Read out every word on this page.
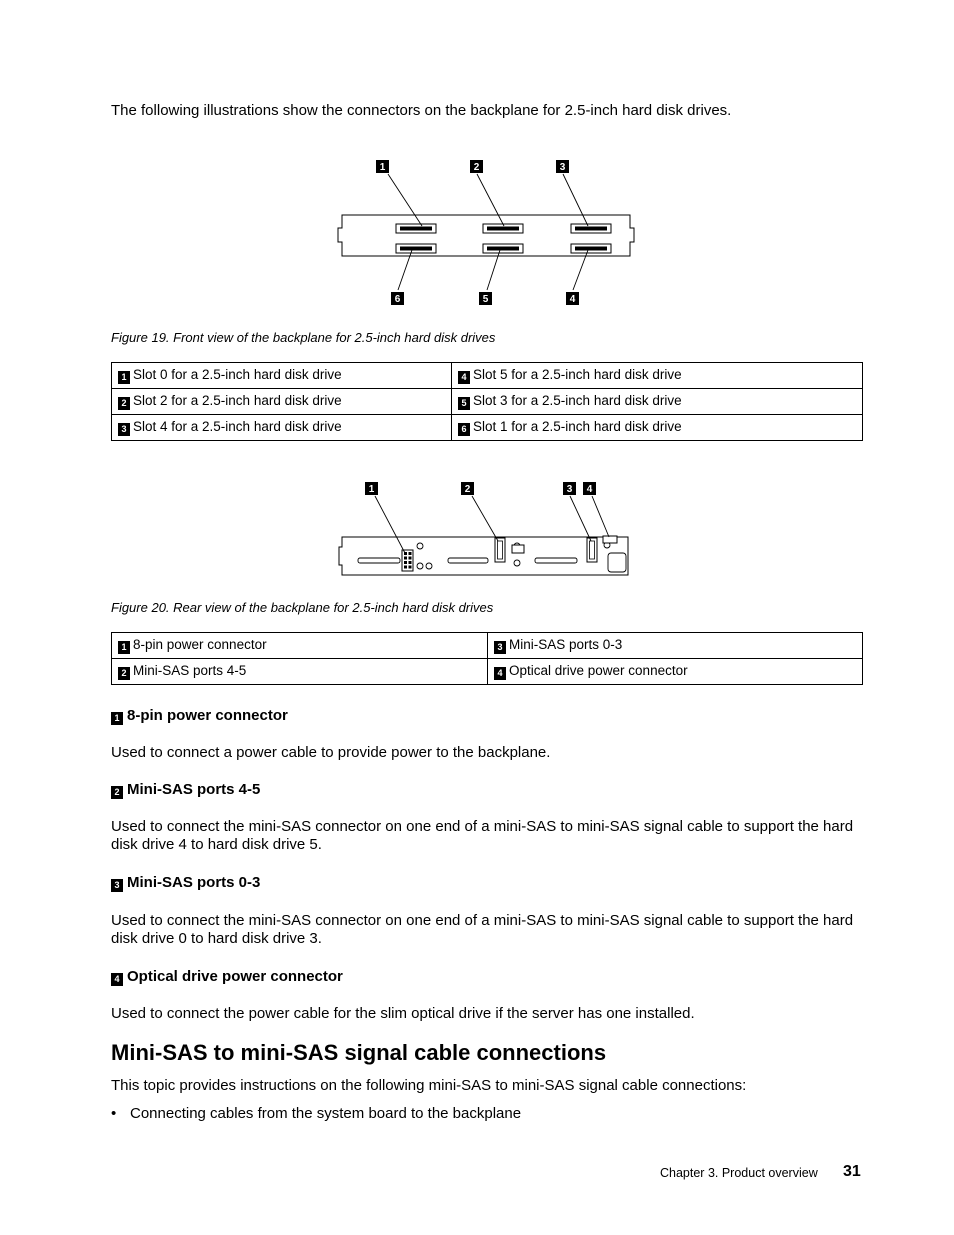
The following illustrations show the connectors on the backplane for 2.5-inch hard disk drives.
1	2	3
6	5	4
Figure 19. Front view of the backplane for 2.5-inch hard disk drives
1 Slot 0 for a 2.5-inch hard disk drive	4 Slot 5 for a 2.5-inch hard disk drive
2 Slot 2 for a 2.5-inch hard disk drive	5 Slot 3 for a 2.5-inch hard disk drive
3 Slot 4 for a 2.5-inch hard disk drive	6 Slot 1 for a 2.5-inch hard disk drive
1	2	3 4
Figure 20. Rear view of the backplane for 2.5-inch hard disk drives
1 8-pin power connector	3 Mini-SAS ports 0-3
2 Mini-SAS ports 4-5	4 Optical drive power connector
1 8-pin power connector
Used to connect a power cable to provide power to the backplane.
2 Mini-SAS ports 4-5
Used to connect the mini-SAS connector on one end of a mini-SAS to mini-SAS signal cable to support the hard disk drive 4 to hard disk drive 5.
3 Mini-SAS ports 0-3
Used to connect the mini-SAS connector on one end of a mini-SAS to mini-SAS signal cable to support the hard disk drive 0 to hard disk drive 3.
4 Optical drive power connector
Used to connect the power cable for the slim optical drive if the server has one installed.
Mini-SAS to mini-SAS signal cable connections
This topic provides instructions on the following mini-SAS to mini-SAS signal cable connections:
• Connecting cables from the system board to the backplane
Chapter 3. Product overview 31
